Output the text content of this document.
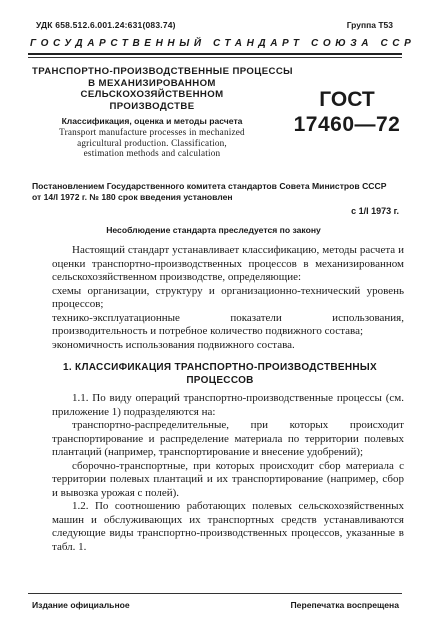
УДК 658.512.6.001.24:631(083.74)	Группа Т53
ГОСУДАРСТВЕННЫЙ СТАНДАРТ СОЮЗА ССР
ТРАНСПОРТНО-ПРОИЗВОДСТВЕННЫЕ ПРОЦЕССЫ
В МЕХАНИЗИРОВАННОМ
СЕЛЬСКОХОЗЯЙСТВЕННОМ
ПРОИЗВОДСТВЕ
Классификация, оценка и методы расчета
Transport manufacture processes in mechanized
agricultural production. Classification,
estimation methods and calculation
ГОСТ
17460—72
Постановлением Государственного комитета стандартов Совета Министров СССР
от 14/I 1972 г. № 180 срок введения установлен
с 1/I 1973 г.
Несоблюдение стандарта преследуется по закону

Настоящий стандарт устанавливает классификацию, методы расчета и оценки транспортно-производственных процессов в механизированном сельскохозяйственном производстве, определяющие:

схемы организации, структуру и организационно-технический уровень процессов;

технико-эксплуатационные показатели использования, производительность и потребное количество подвижного состава;

экономичность использования подвижного состава.

1. КЛАССИФИКАЦИЯ ТРАНСПОРТНО-ПРОИЗВОДСТВЕННЫХ
ПРОЦЕССОВ

1.1. По виду операций транспортно-производственные процессы (см. приложение 1) подразделяются на:

транспортно-распределительные, при которых происходит транспортирование и распределение материала по территории полевых плантаций (например, транспортирование и внесение удобрений);

сборочно-транспортные, при которых происходит сбор материала с территории полевых плантаций и их транспортирование (например, сбор и вывозка урожая с полей).

1.2. По соотношению работающих полевых сельскохозяйственных машин и обслуживающих их транспортных средств устанавливаются следующие виды транспортно-производственных процессов, указанные в табл. 1.

Издание официальное	Перепечатка воспрещена
